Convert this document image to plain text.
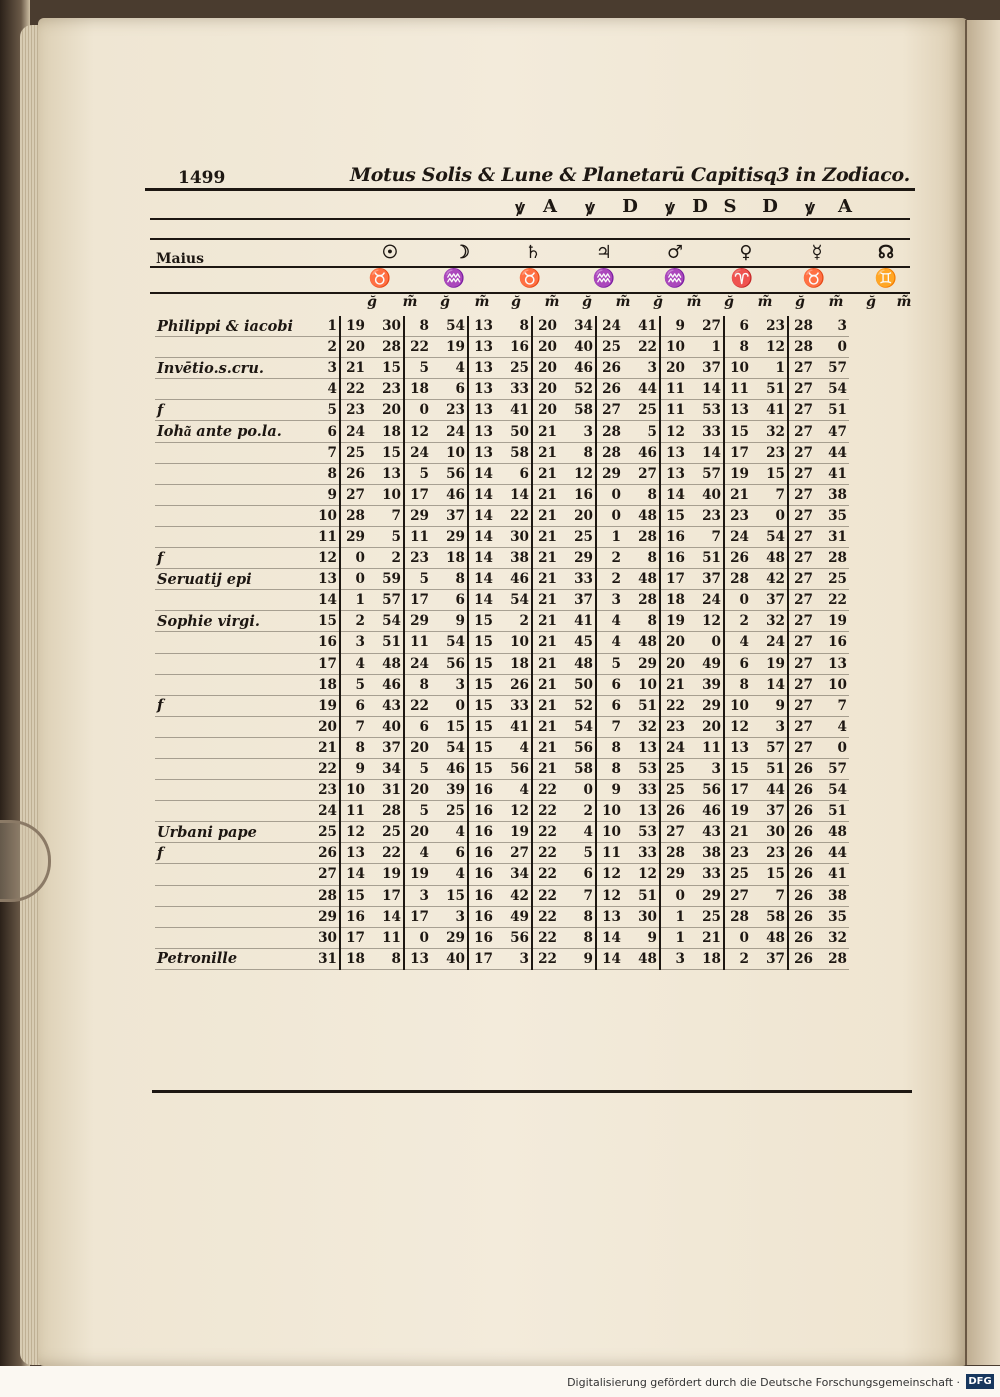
1499	Motus Solis & Lune & Planetarū Capitisq3 in Zodiaco.
ꝟ	A	ꝟ	D	ꝟ D S	D	ꝟ	A
Maius	☉	☽	♄	♃	♂	♀	☿	☊
♉	♒	♉	♒	♒	♈	♉	♊
ğ	m̃	ğ	m̃	ğ	m̃	ğ	m̃	ğ	m̃	ğ	m̃	ğ	m̃	ğ	m̃
Philippi & iacobi	1	19	30	8	54	13	8	20	34	24	41	9	27	6	23	28	3
	2	20	28	22	19	13	16	20	40	25	22	10	1	8	12	28	0
Invētio.s.cru.	3	21	15	5	4	13	25	20	46	26	3	20	37	10	1	27	57
	4	22	23	18	6	13	33	20	52	26	44	11	14	11	51	27	54
f	5	23	20	0	23	13	41	20	58	27	25	11	53	13	41	27	51
Ioha͂ ante po.la.	6	24	18	12	24	13	50	21	3	28	5	12	33	15	32	27	47
	7	25	15	24	10	13	58	21	8	28	46	13	14	17	23	27	44
	8	26	13	5	56	14	6	21	12	29	27	13	57	19	15	27	41
	9	27	10	17	46	14	14	21	16	0	8	14	40	21	7	27	38
	10	28	7	29	37	14	22	21	20	0	48	15	23	23	0	27	35
	11	29	5	11	29	14	30	21	25	1	28	16	7	24	54	27	31
f	12	0	2	23	18	14	38	21	29	2	8	16	51	26	48	27	28
Seruatij epi	13	0	59	5	8	14	46	21	33	2	48	17	37	28	42	27	25
	14	1	57	17	6	14	54	21	37	3	28	18	24	0	37	27	22
Sophie virgi.	15	2	54	29	9	15	2	21	41	4	8	19	12	2	32	27	19
	16	3	51	11	54	15	10	21	45	4	48	20	0	4	24	27	16
	17	4	48	24	56	15	18	21	48	5	29	20	49	6	19	27	13
	18	5	46	8	3	15	26	21	50	6	10	21	39	8	14	27	10
f	19	6	43	22	0	15	33	21	52	6	51	22	29	10	9	27	7
	20	7	40	6	15	15	41	21	54	7	32	23	20	12	3	27	4
	21	8	37	20	54	15	4	21	56	8	13	24	11	13	57	27	0
	22	9	34	5	46	15	56	21	58	8	53	25	3	15	51	26	57
	23	10	31	20	39	16	4	22	0	9	33	25	56	17	44	26	54
	24	11	28	5	25	16	12	22	2	10	13	26	46	19	37	26	51
Urbani pape	25	12	25	20	4	16	19	22	4	10	53	27	43	21	30	26	48
f	26	13	22	4	6	16	27	22	5	11	33	28	38	23	23	26	44
	27	14	19	19	4	16	34	22	6	12	12	29	33	25	15	26	41
	28	15	17	3	15	16	42	22	7	12	51	0	29	27	7	26	38
	29	16	14	17	3	16	49	22	8	13	30	1	25	28	58	26	35
	30	17	11	0	29	16	56	22	8	14	9	1	21	0	48	26	32
Petronille	31	18	8	13	40	17	3	22	9	14	48	3	18	2	37	26	28
Digitalisierung gefördert durch die Deutsche Forschungsgemeinschaft · DFG
